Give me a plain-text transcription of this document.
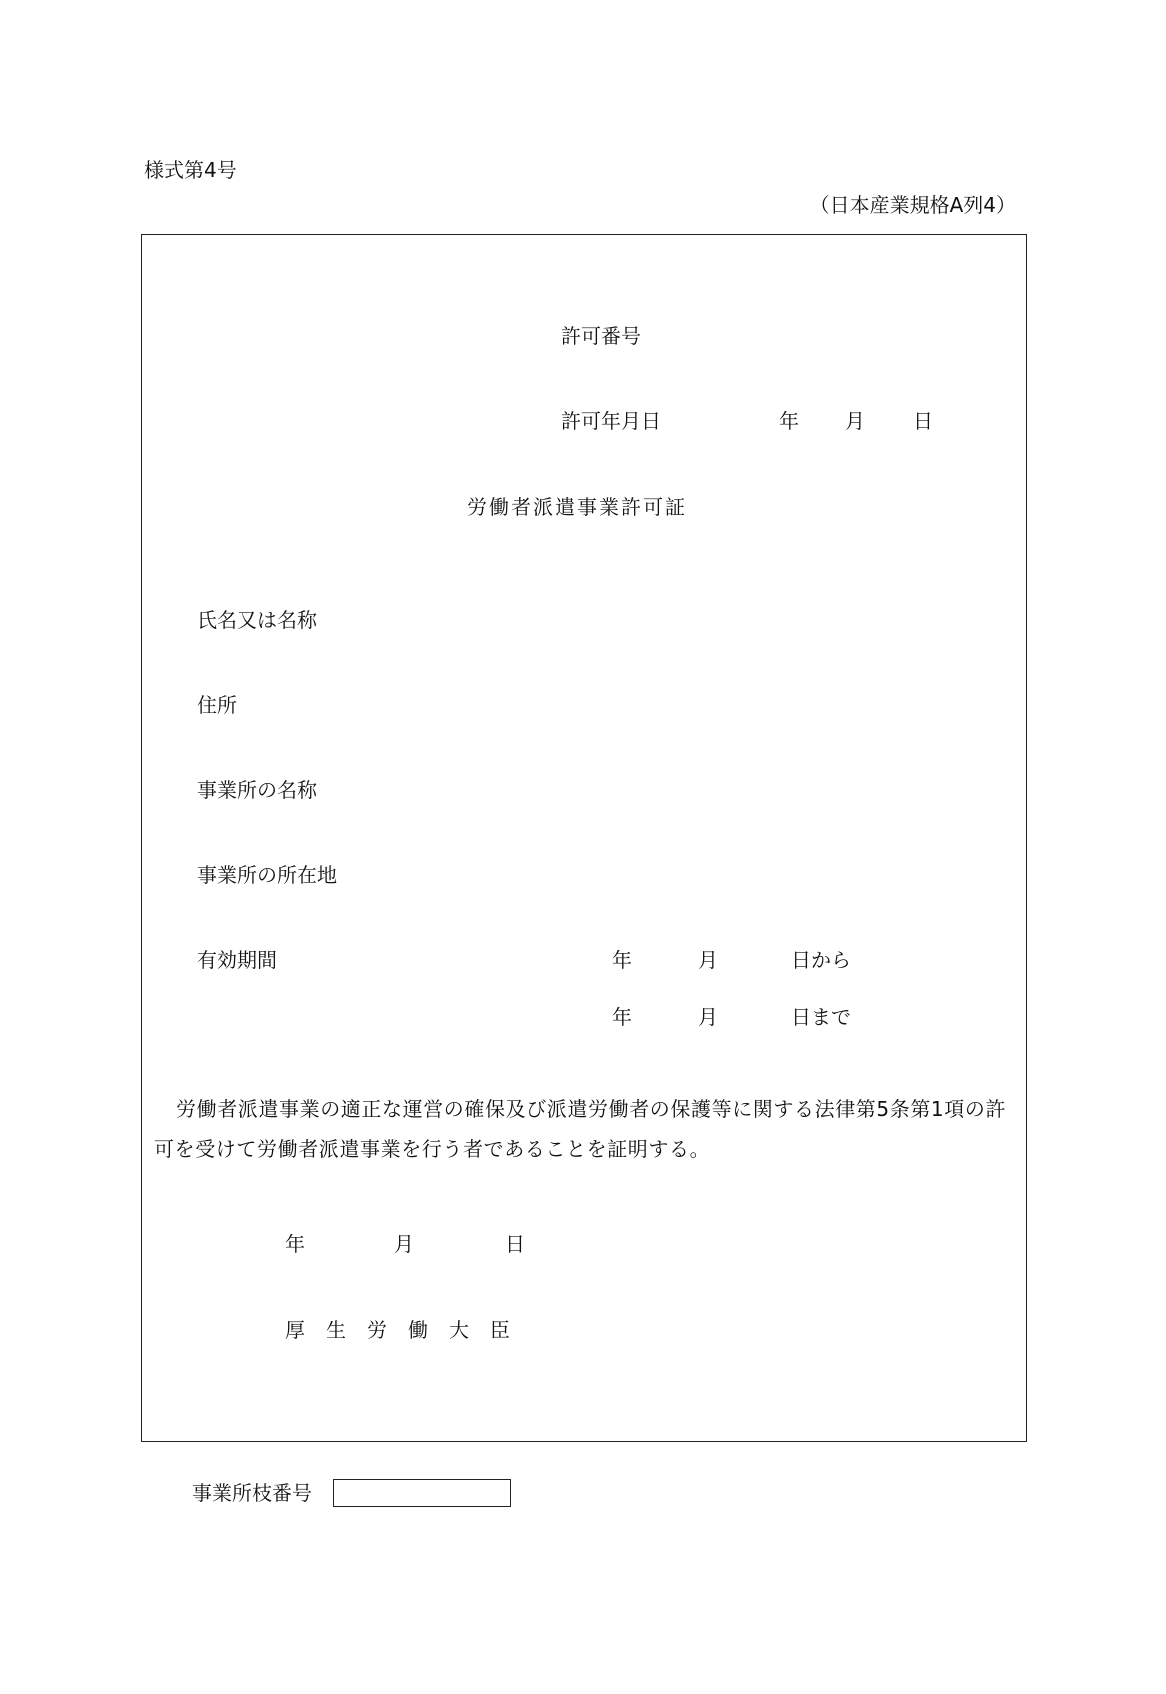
様式第4号
（日本産業規格A列4）
許可番号
許可年月日	年 月 日
労働者派遣事業許可証
氏名又は名称
住所
事業所の名称
事業所の所在地
有効期間	年	月	日から
年	月	日まで
労働者派遣事業の適正な運営の確保及び派遣労働者の保護等に関する法律第5条第1項の許可を受けて労働者派遣事業を行う者であることを証明する。
年	月	日
厚生労働大臣
事業所枝番号
